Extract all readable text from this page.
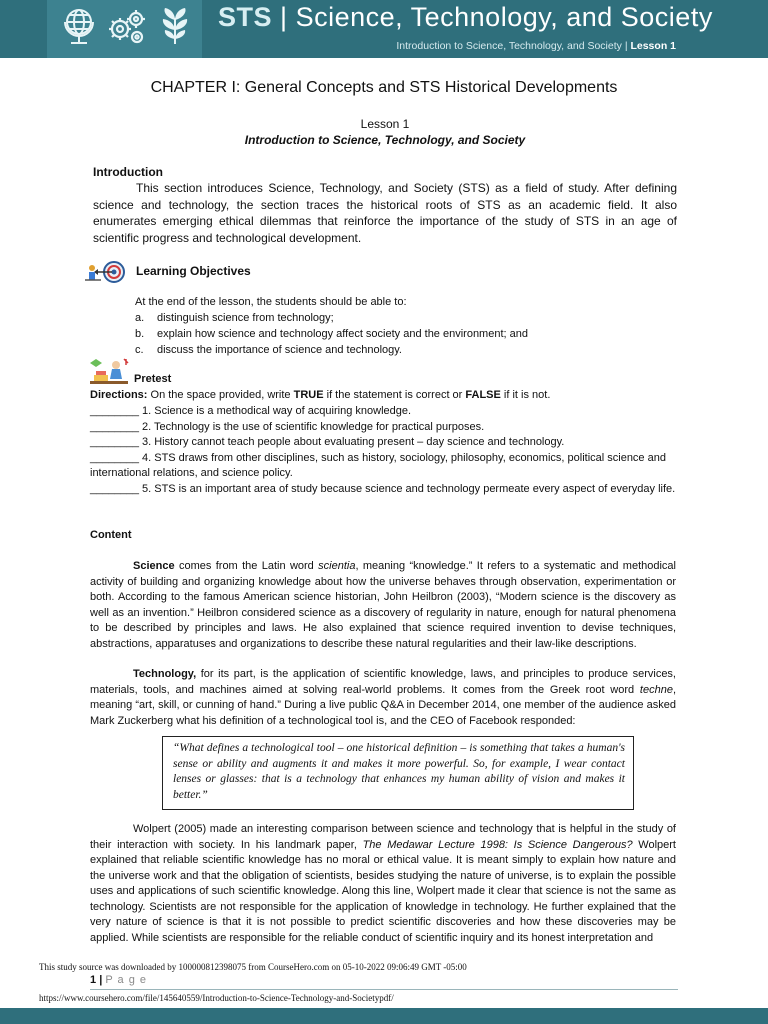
STS | Science, Technology, and Society
Introduction to Science, Technology, and Society | Lesson 1
CHAPTER I: General Concepts and STS Historical Developments
Lesson 1
Introduction to Science, Technology, and Society
Introduction
This section introduces Science, Technology, and Society (STS) as a field of study. After defining science and technology, the section traces the historical roots of STS as an academic field. It also enumerates emerging ethical dilemmas that reinforce the importance of the study of STS in an age of scientific progress and technological development.
Learning Objectives
At the end of the lesson, the students should be able to:
a. distinguish science from technology;
b. explain how science and technology affect society and the environment; and
c. discuss the importance of science and technology.
Pretest
Directions: On the space provided, write TRUE if the statement is correct or FALSE if it is not.
________ 1. Science is a methodical way of acquiring knowledge.
________ 2. Technology is the use of scientific knowledge for practical purposes.
________ 3. History cannot teach people about evaluating present – day science and technology.
________ 4. STS draws from other disciplines, such as history, sociology, philosophy, economics, political science and international relations, and science policy.
________ 5. STS is an important area of study because science and technology permeate every aspect of everyday life.
Content
Science comes from the Latin word scientia, meaning “knowledge.” It refers to a systematic and methodical activity of building and organizing knowledge about how the universe behaves through observation, experimentation or both. According to the famous American science historian, John Heilbron (2003), “Modern science is the discovery as well as an invention.” Heilbron considered science as a discovery of regularity in nature, enough for natural phenomena to be described by principles and laws. He also explained that science required invention to devise techniques, abstractions, apparatuses and organizations to describe these natural regularities and their law-like descriptions.
Technology, for its part, is the application of scientific knowledge, laws, and principles to produce services, materials, tools, and machines aimed at solving real-world problems. It comes from the Greek root word techne, meaning “art, skill, or cunning of hand.” During a live public Q&A in December 2014, one member of the audience asked Mark Zuckerberg what his definition of a technological tool is, and the CEO of Facebook responded:
“What defines a technological tool – one historical definition – is something that takes a human's sense or ability and augments it and makes it more powerful. So, for example, I wear contact lenses or glasses: that is a technology that enhances my human ability of vision and makes it better.”
Wolpert (2005) made an interesting comparison between science and technology that is helpful in the study of their interaction with society. In his landmark paper, The Medawar Lecture 1998: Is Science Dangerous? Wolpert explained that reliable scientific knowledge has no moral or ethical value. It is meant simply to explain how nature and the universe work and that the obligation of scientists, besides studying the nature of universe, is to explain the possible uses and applications of such scientific knowledge. Along this line, Wolpert made it clear that science is not the same as technology. Scientists are not responsible for the application of knowledge in technology. He further explained that the very nature of science is that it is not possible to predict scientific discoveries and how these discoveries may be applied. While scientists are responsible for the reliable conduct of scientific inquiry and its honest interpretation and
This study source was downloaded by 100000812398075 from CourseHero.com on 05-10-2022 09:06:49 GMT -05:00
1 | P a g e
https://www.coursehero.com/file/145640559/Introduction-to-Science-Technology-and-Societypdf/
